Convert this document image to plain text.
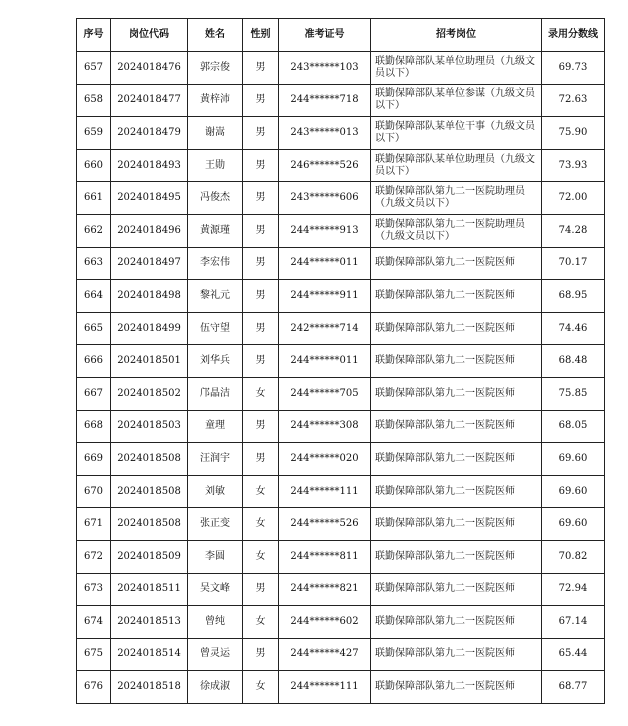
序号	岗位代码	姓名	性别	准考证号	招考岗位	录用分数线
657	2024018476	郭宗俊	男	243******103	联勤保障部队某单位助理员（九级文员以下）	69.73
658	2024018477	黄梓沛	男	244******718	联勤保障部队某单位参谋（九级文员以下）	72.63
659	2024018479	谢嵩	男	243******013	联勤保障部队某单位干事（九级文员以下）	75.90
660	2024018493	王勋	男	246******526	联勤保障部队某单位助理员（九级文员以下）	73.93
661	2024018495	冯俊杰	男	243******606	联勤保障部队第九二一医院助理员（九级文员以下）	72.00
662	2024018496	黄源瑾	男	244******913	联勤保障部队第九二一医院助理员（九级文员以下）	74.28
663	2024018497	李宏伟	男	244******011	联勤保障部队第九二一医院医师	70.17
664	2024018498	黎礼元	男	244******911	联勤保障部队第九二一医院医师	68.95
665	2024018499	伍守望	男	242******714	联勤保障部队第九二一医院医师	74.46
666	2024018501	刘华兵	男	244******011	联勤保障部队第九二一医院医师	68.48
667	2024018502	邝晶洁	女	244******705	联勤保障部队第九二一医院医师	75.85
668	2024018503	童理	男	244******308	联勤保障部队第九二一医院医师	68.05
669	2024018508	汪润宇	男	244******020	联勤保障部队第九二一医院医师	69.60
670	2024018508	刘敏	女	244******111	联勤保障部队第九二一医院医师	69.60
671	2024018508	张正变	女	244******526	联勤保障部队第九二一医院医师	69.60
672	2024018509	李圆	女	244******811	联勤保障部队第九二一医院医师	70.82
673	2024018511	吴文峰	男	244******821	联勤保障部队第九二一医院医师	72.94
674	2024018513	曾纯	女	244******602	联勤保障部队第九二一医院医师	67.14
675	2024018514	曾灵运	男	244******427	联勤保障部队第九二一医院医师	65.44
676	2024018518	徐成淑	女	244******111	联勤保障部队第九二一医院医师	68.77
